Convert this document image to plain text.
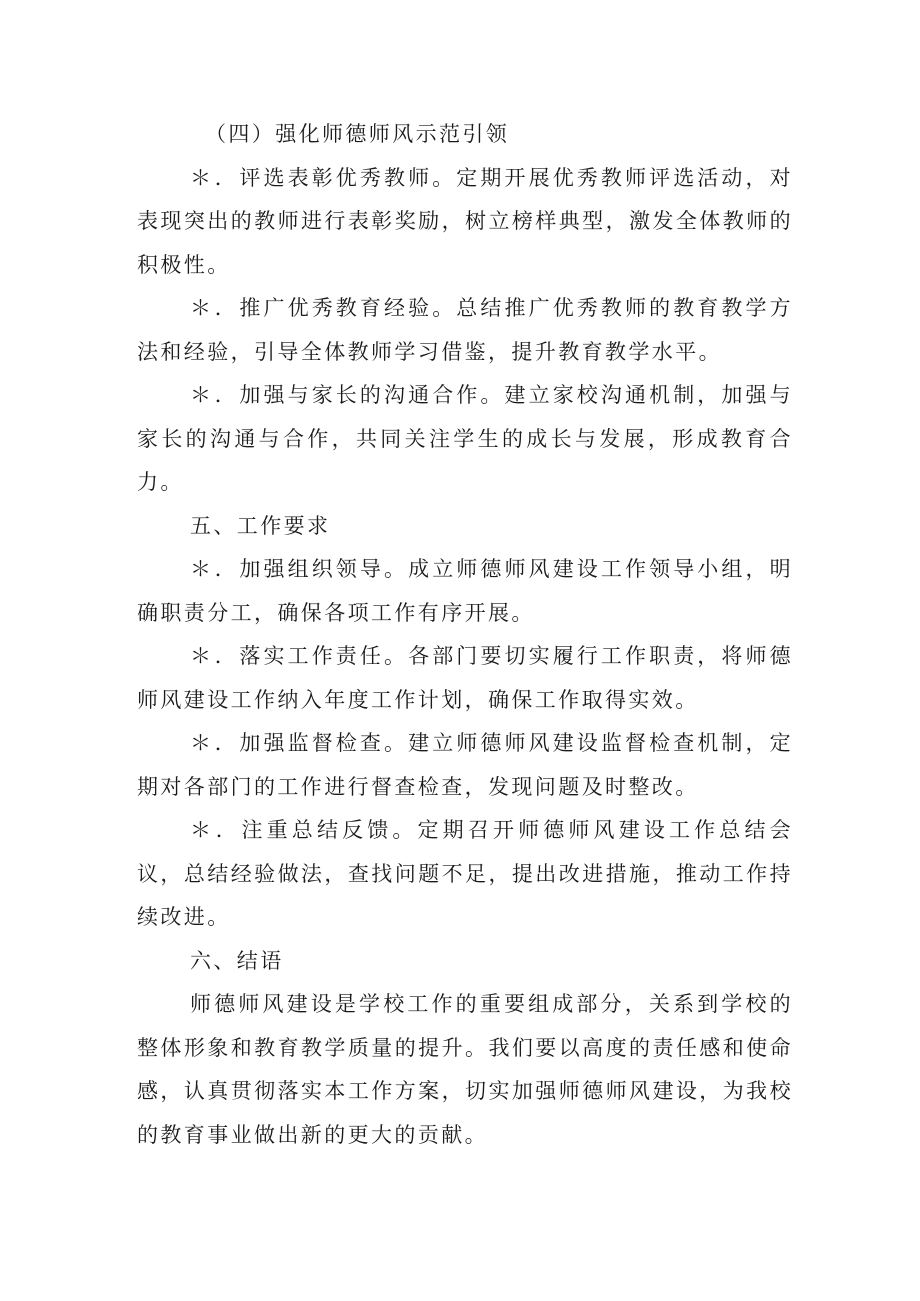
（四）强化师德师风示范引领

＊．评选表彰优秀教师。定期开展优秀教师评选活动，对表现突出的教师进行表彰奖励，树立榜样典型，激发全体教师的积极性。

＊．推广优秀教育经验。总结推广优秀教师的教育教学方法和经验，引导全体教师学习借鉴，提升教育教学水平。

＊．加强与家长的沟通合作。建立家校沟通机制，加强与家长的沟通与合作，共同关注学生的成长与发展，形成教育合力。

五、工作要求

＊．加强组织领导。成立师德师风建设工作领导小组，明确职责分工，确保各项工作有序开展。

＊．落实工作责任。各部门要切实履行工作职责，将师德师风建设工作纳入年度工作计划，确保工作取得实效。

＊．加强监督检查。建立师德师风建设监督检查机制，定期对各部门的工作进行督查检查，发现问题及时整改。

＊．注重总结反馈。定期召开师德师风建设工作总结会议，总结经验做法，查找问题不足，提出改进措施，推动工作持续改进。

六、结语

师德师风建设是学校工作的重要组成部分，关系到学校的整体形象和教育教学质量的提升。我们要以高度的责任感和使命感，认真贯彻落实本工作方案，切实加强师德师风建设，为我校的教育事业做出新的更大的贡献。
